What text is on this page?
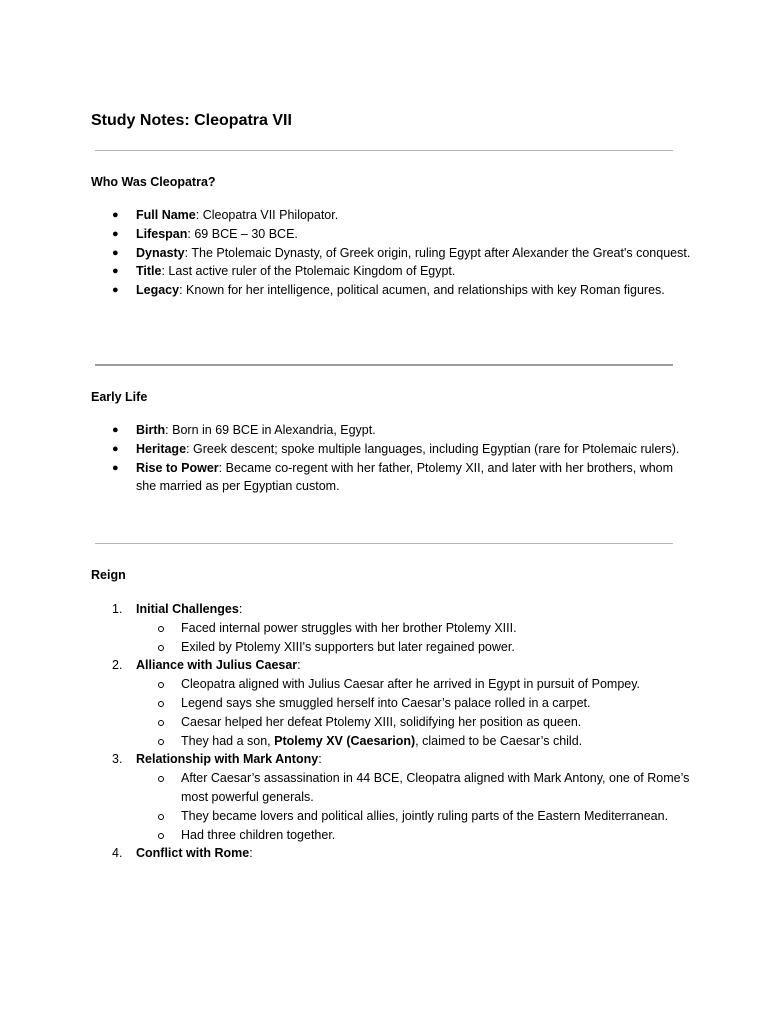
Study Notes: Cleopatra VII
Who Was Cleopatra?
● Full Name: Cleopatra VII Philopator.
● Lifespan: 69 BCE – 30 BCE.
● Dynasty: The Ptolemaic Dynasty, of Greek origin, ruling Egypt after Alexander the Great's conquest.
● Title: Last active ruler of the Ptolemaic Kingdom of Egypt.
● Legacy: Known for her intelligence, political acumen, and relationships with key Roman figures.
Early Life
● Birth: Born in 69 BCE in Alexandria, Egypt.
● Heritage: Greek descent; spoke multiple languages, including Egyptian (rare for Ptolemaic rulers).
● Rise to Power: Became co-regent with her father, Ptolemy XII, and later with her brothers, whom she married as per Egyptian custom.
Reign
1. Initial Challenges:
Faced internal power struggles with her brother Ptolemy XIII.
Exiled by Ptolemy XIII's supporters but later regained power.
2. Alliance with Julius Caesar:
Cleopatra aligned with Julius Caesar after he arrived in Egypt in pursuit of Pompey.
Legend says she smuggled herself into Caesar’s palace rolled in a carpet.
Caesar helped her defeat Ptolemy XIII, solidifying her position as queen.
They had a son, Ptolemy XV (Caesarion), claimed to be Caesar’s child.
3. Relationship with Mark Antony:
After Caesar’s assassination in 44 BCE, Cleopatra aligned with Mark Antony, one of Rome’s most powerful generals.
They became lovers and political allies, jointly ruling parts of the Eastern Mediterranean.
Had three children together.
4. Conflict with Rome:
